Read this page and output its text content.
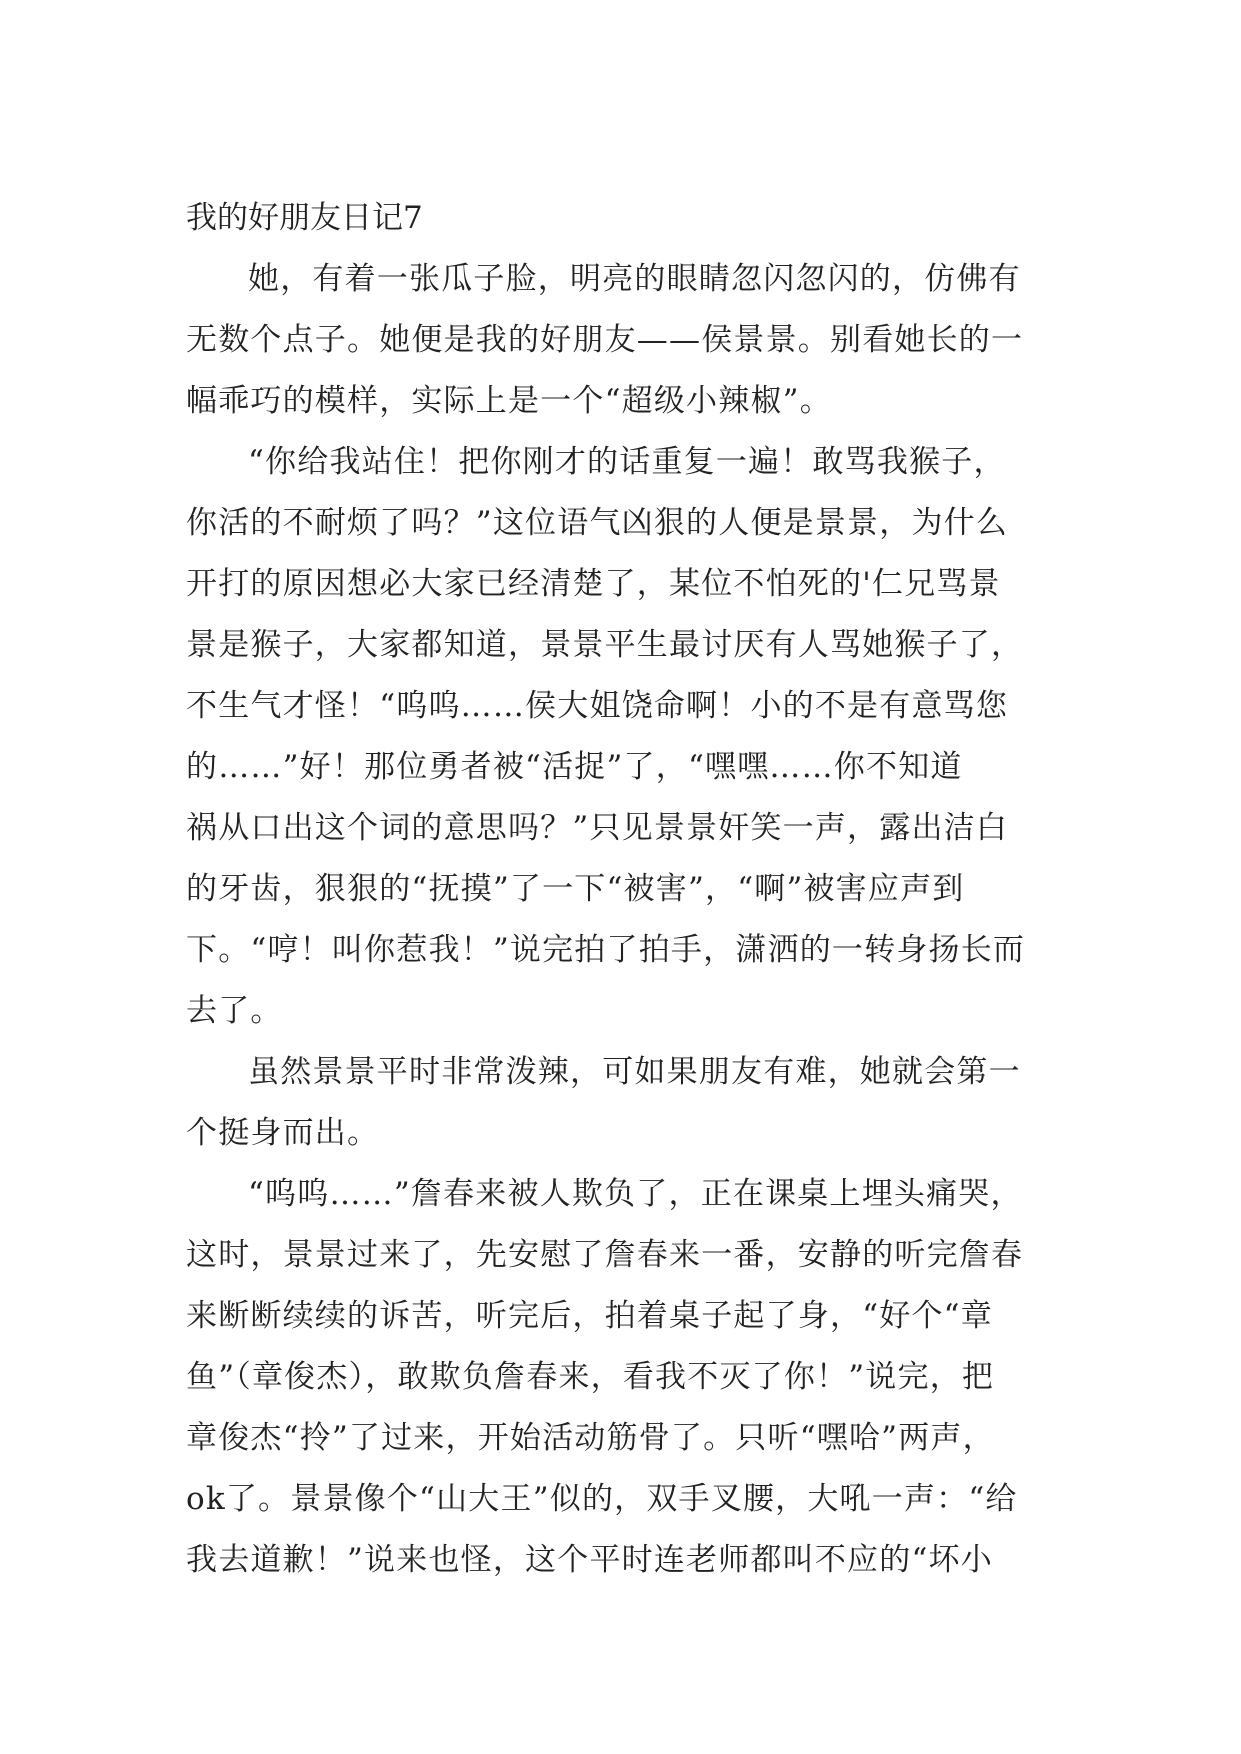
我的好朋友日记7
她，有着一张瓜子脸，明亮的眼睛忽闪忽闪的，仿佛有
无数个点子。她便是我的好朋友——侯景景。别看她长的一
幅乖巧的模样，实际上是一个“超级小辣椒”。
“你给我站住！把你刚才的话重复一遍！敢骂我猴子，
你活的不耐烦了吗？”这位语气凶狠的人便是景景，为什么
开打的原因想必大家已经清楚了，某位不怕死的'仁兄骂景
景是猴子，大家都知道，景景平生最讨厌有人骂她猴子了，
不生气才怪！“呜呜……侯大姐饶命啊！小的不是有意骂您
的……”好！那位勇者被“活捉”了，“嘿嘿……你不知道
祸从口出这个词的意思吗？”只见景景奸笑一声，露出洁白
的牙齿，狠狠的“抚摸”了一下“被害”，“啊”被害应声到
下。“哼！叫你惹我！”说完拍了拍手，潇洒的一转身扬长而
去了。
虽然景景平时非常泼辣，可如果朋友有难，她就会第一
个挺身而出。
“呜呜……”詹春来被人欺负了，正在课桌上埋头痛哭，
这时，景景过来了，先安慰了詹春来一番，安静的听完詹春
来断断续续的诉苦，听完后，拍着桌子起了身，“好个“章
鱼”（章俊杰），敢欺负詹春来，看我不灭了你！”说完，把
章俊杰“拎”了过来，开始活动筋骨了。只听“嘿哈”两声，
ok了。景景像个“山大王”似的，双手叉腰，大吼一声：“给
我去道歉！”说来也怪，这个平时连老师都叫不应的“坏小
